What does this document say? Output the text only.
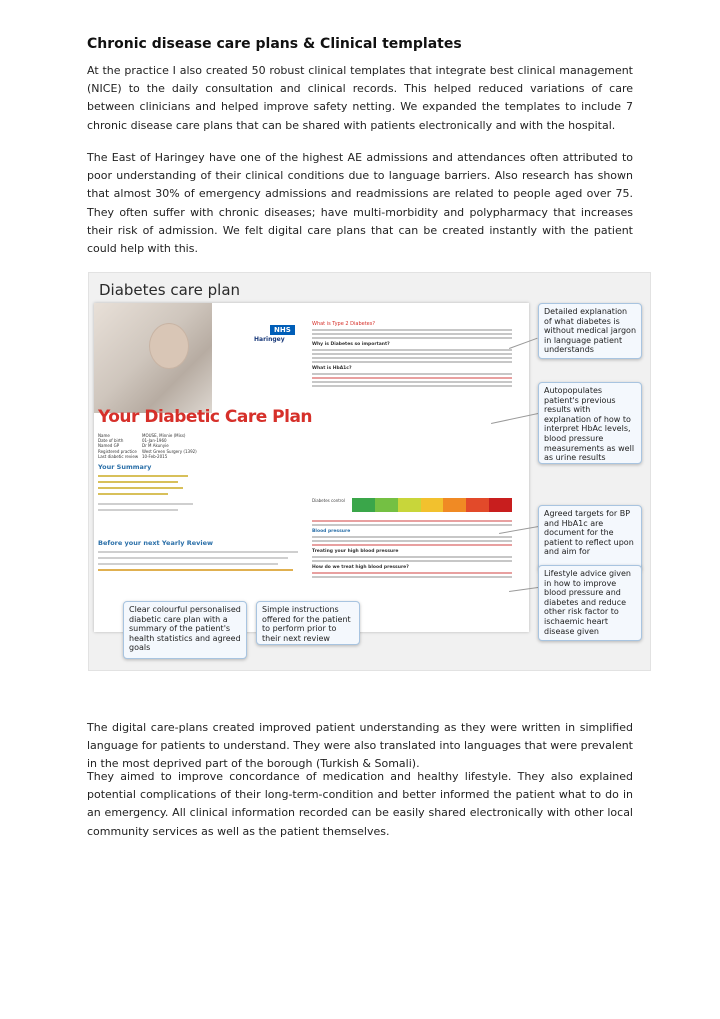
Chronic disease care plans & Clinical templates

At the practice I also created 50 robust clinical templates that integrate best clinical management (NICE) to the daily consultation and clinical records. This helped reduced variations of care between clinicians and helped improve safety netting. We expanded the templates to include 7 chronic disease care plans that can be shared with patients electronically and with the hospital.

The East of Haringey have one of the highest AE admissions and attendances often attributed to poor understanding of their clinical conditions due to language barriers. Also research has shown that almost 30% of emergency admissions and readmissions are related to people aged over 75. They often suffer with chronic diseases; have multi-morbidity and polypharmacy that increases their risk of admission. We felt digital care plans that can be created instantly with the patient could help with this.

Diabetes care plan
NHS
Haringey
Your Diabetic Care Plan
Name	MOUSE, Minnie (Miss)
Date of birth	01-Jan-1960
Named GP	Dr M Akunyie
Registered practice West Green Surgery (1392)
Last diabetic review 10-Feb-2015
Your Summary
Before your next Yearly Review
What is Type 2 Diabetes?
Why is Diabetes so important?
What is HbA1c?
Diabetes control
Blood pressure
Treating your high blood pressure
How do we treat high blood pressure?
Detailed explanation of what diabetes is without medical jargon in language patient understands
Autopopulates patient's previous results with explanation of how to interpret HbAc levels, blood pressure measurements as well as urine results
Agreed targets for BP and HbA1c are document for the patient to reflect upon and aim for
Lifestyle advice given in how to improve blood pressure and diabetes and reduce other risk factor to ischaemic heart disease given
Clear colourful personalised diabetic care plan with a summary of the patient's health statistics and agreed goals
Simple instructions offered for the patient to perform prior to their next review

The digital care-plans created improved patient understanding as they were written in simplified language for patients to understand. They were also translated into languages that were prevalent in the most deprived part of the borough (Turkish & Somali).

They aimed to improve concordance of medication and healthy lifestyle. They also explained potential complications of their long-term-condition and better informed the patient what to do in an emergency. All clinical information recorded can be easily shared electronically with other local community services as well as the patient themselves.
